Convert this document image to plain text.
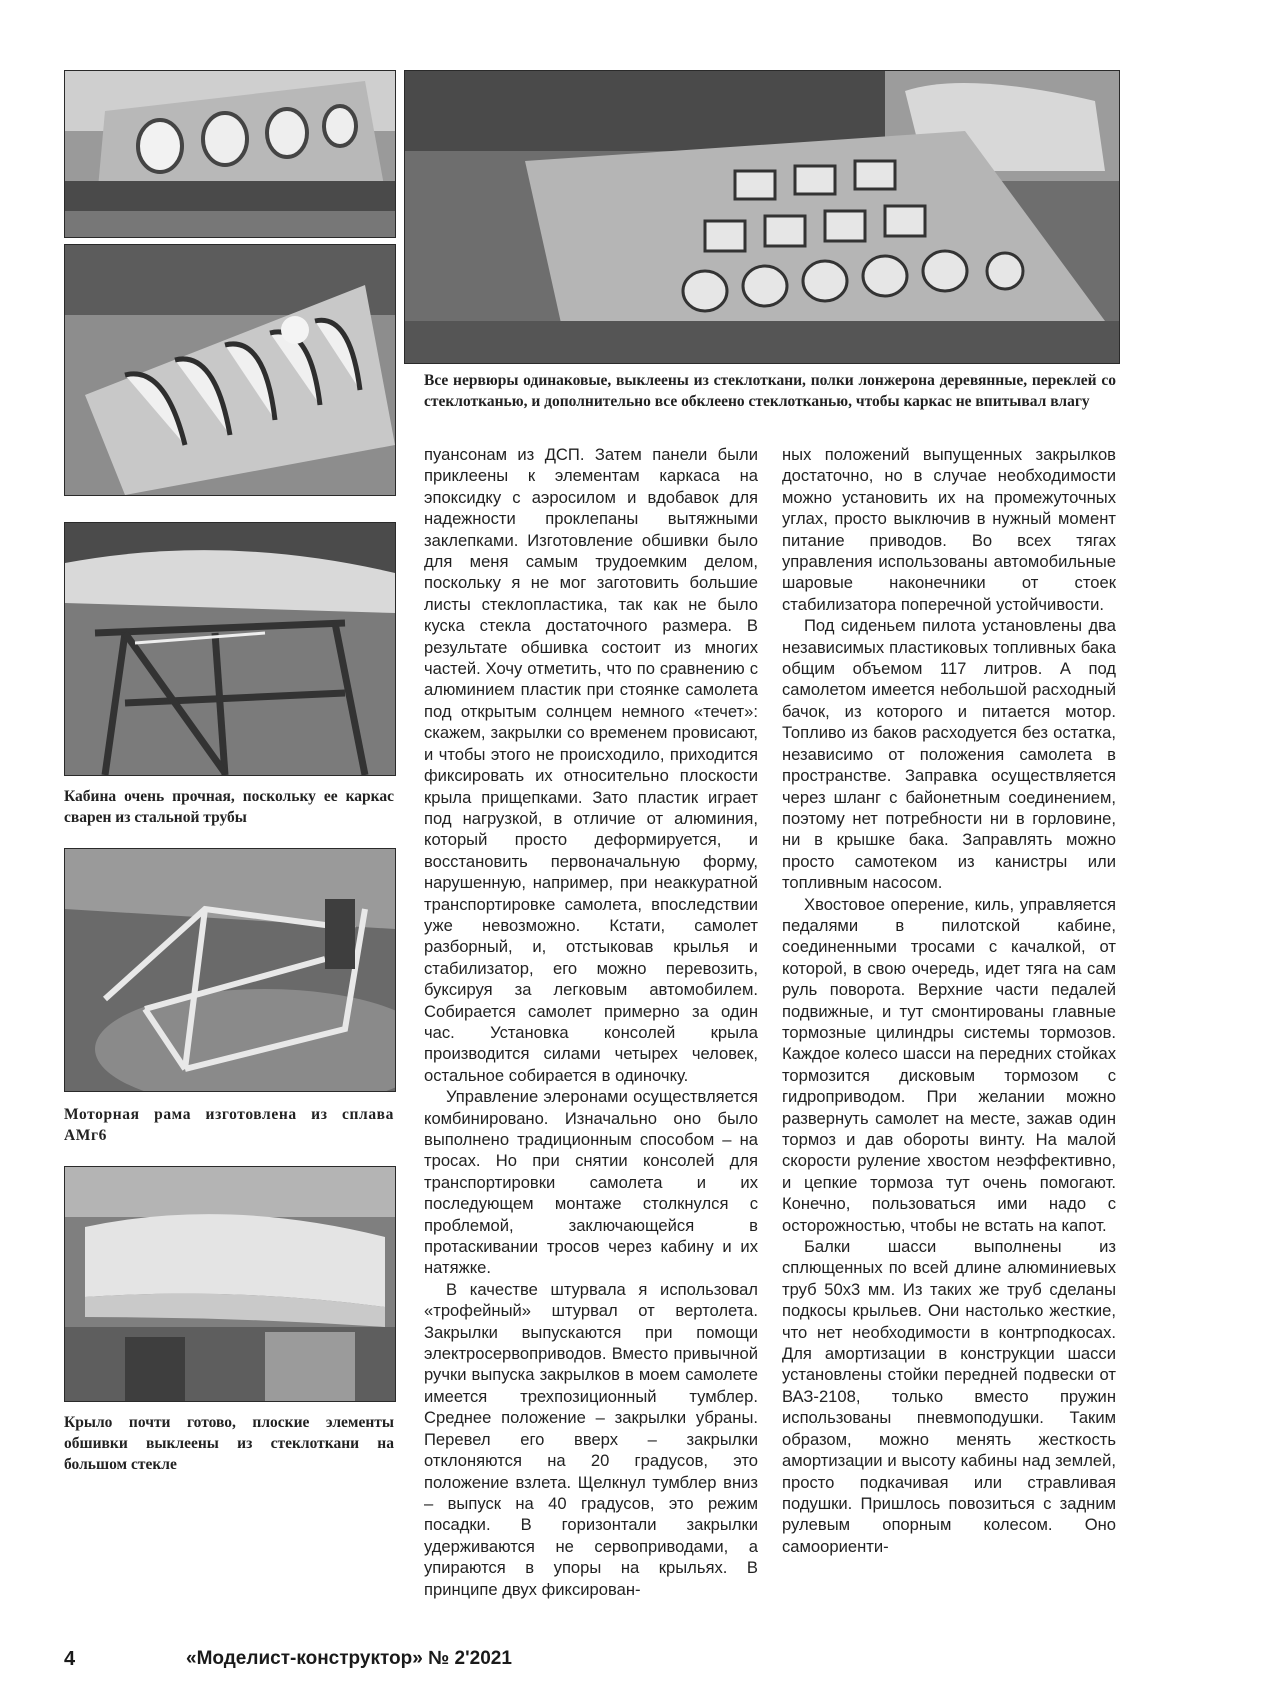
Все нервюры одинаковые, выклеены из стеклоткани, полки лонжерона деревянные, переклей со стеклотканью, и дополнительно все обклеено стеклотканью, чтобы каркас не впитывал влагу
Кабина очень прочная, поскольку ее каркас сварен из стальной трубы
Моторная рама изготовлена из сплава АМг6
Крыло почти готово, плоские элементы обшивки выклеены из стеклоткани на большом стекле

пуансонам из ДСП. Затем панели были приклеены к элементам каркаса на эпоксидку с аэросилом и вдобавок для надежности проклепаны вытяжными заклепками. Изготовление обшивки было для меня самым трудоемким делом, поскольку я не мог заготовить большие листы стеклопластика, так как не было куска стекла достаточного размера. В результате обшивка состоит из многих частей. Хочу отметить, что по сравнению с алюминием пластик при стоянке самолета под открытым солнцем немного «течет»: скажем, закрылки со временем провисают, и чтобы этого не происходило, приходится фиксировать их относительно плоскости крыла прищепками. Зато пластик играет под нагрузкой, в отличие от алюминия, который просто деформируется, и восстановить первоначальную форму, нарушенную, например, при неаккуратной транспортировке самолета, впоследствии уже невозможно. Кстати, самолет разборный, и, отстыковав крылья и стабилизатор, его можно перевозить, буксируя за легковым автомобилем. Собирается самолет примерно за один час. Установка консолей крыла производится силами четырех человек, остальное собирается в одиночку.

Управление элеронами осуществляется комбинировано. Изначально оно было выполнено традиционным способом – на тросах. Но при снятии консолей для транспортировки самолета и их последующем монтаже столкнулся с проблемой, заключающейся в протаскивании тросов через кабину и их натяжке.

В качестве штурвала я использовал «трофейный» штурвал от вертолета. Закрылки выпускаются при помощи электросервоприводов. Вместо привычной ручки выпуска закрылков в моем самолете имеется трехпозиционный тумблер. Среднее положение – закрылки убраны. Перевел его вверх – закрылки отклоняются на 20 градусов, это положение взлета. Щелкнул тумблер вниз – выпуск на 40 градусов, это режим посадки. В горизонтали закрылки удерживаются не сервоприводами, а упираются в упоры на крыльях. В принципе двух фиксирован-

ных положений выпущенных закрылков достаточно, но в случае необходимости можно установить их на промежуточных углах, просто выключив в нужный момент питание приводов. Во всех тягах управления использованы автомобильные шаровые наконечники от стоек стабилизатора поперечной устойчивости.

Под сиденьем пилота установлены два независимых пластиковых топливных бака общим объемом 117 литров. А под самолетом имеется небольшой расходный бачок, из которого и питается мотор. Топливо из баков расходуется без остатка, независимо от положения самолета в пространстве. Заправка осуществляется через шланг с байонетным соединением, поэтому нет потребности ни в горловине, ни в крышке бака. Заправлять можно просто самотеком из канистры или топливным насосом.

Хвостовое оперение, киль, управляется педалями в пилотской кабине, соединенными тросами с качалкой, от которой, в свою очередь, идет тяга на сам руль поворота. Верхние части педалей подвижные, и тут смонтированы главные тормозные цилиндры системы тормозов. Каждое колесо шасси на передних стойках тормозится дисковым тормозом с гидроприводом. При желании можно развернуть самолет на месте, зажав один тормоз и дав обороты винту. На малой скорости руление хвостом неэффективно, и цепкие тормоза тут очень помогают. Конечно, пользоваться ими надо с осторожностью, чтобы не встать на капот.

Балки шасси выполнены из сплющенных по всей длине алюминиевых труб 50х3 мм. Из таких же труб сделаны подкосы крыльев. Они настолько жесткие, что нет необходимости в контрподкосах. Для амортизации в конструкции шасси установлены стойки передней подвески от ВАЗ-2108, только вместо пружин использованы пневмоподушки. Таким образом, можно менять жесткость амортизации и высоту кабины над землей, просто подкачивая или стравливая подушки. Пришлось повозиться с задним рулевым опорным колесом. Оно самоориенти-

4	«Моделист-конструктор» № 2'2021
